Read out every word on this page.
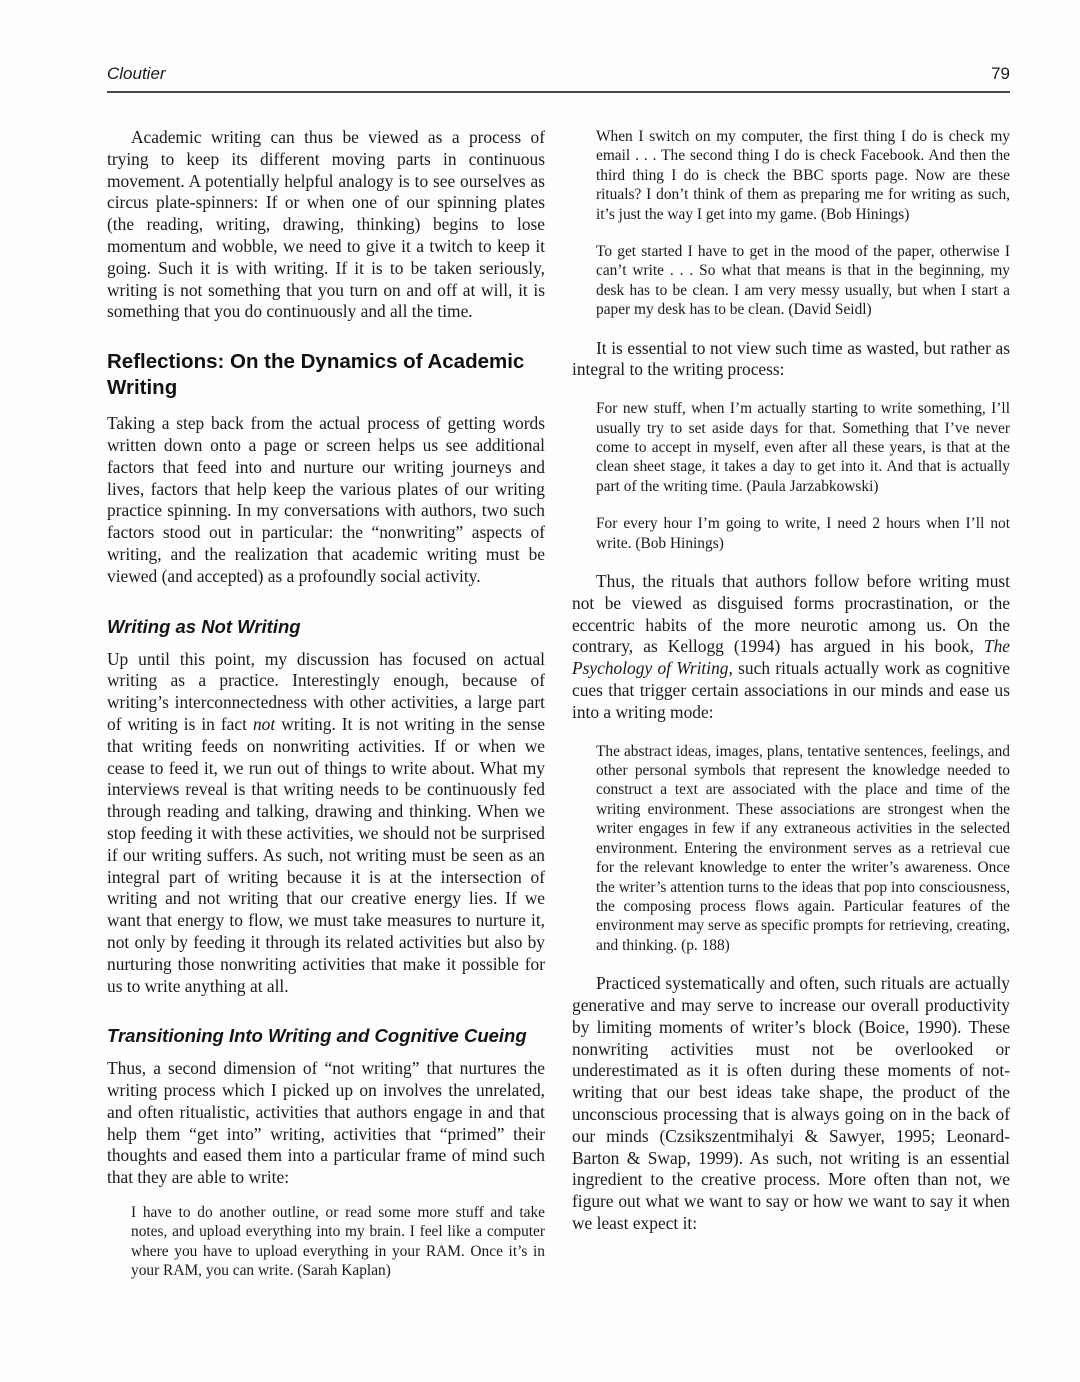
Cloutier	79

Academic writing can thus be viewed as a process of trying to keep its different moving parts in continuous movement. A potentially helpful analogy is to see ourselves as circus plate-spinners: If or when one of our spinning plates (the reading, writing, drawing, thinking) begins to lose momentum and wobble, we need to give it a twitch to keep it going. Such it is with writing. If it is to be taken seriously, writing is not something that you turn on and off at will, it is something that you do continuously and all the time.

Reflections: On the Dynamics of Academic Writing

Taking a step back from the actual process of getting words written down onto a page or screen helps us see additional factors that feed into and nurture our writing journeys and lives, factors that help keep the various plates of our writing practice spinning. In my conversations with authors, two such factors stood out in particular: the “nonwriting” aspects of writing, and the realization that academic writing must be viewed (and accepted) as a profoundly social activity.

Writing as Not Writing

Up until this point, my discussion has focused on actual writing as a practice. Interestingly enough, because of writing’s interconnectedness with other activities, a large part of writing is in fact not writing. It is not writing in the sense that writing feeds on nonwriting activities. If or when we cease to feed it, we run out of things to write about. What my interviews reveal is that writing needs to be continuously fed through reading and talking, drawing and thinking. When we stop feeding it with these activities, we should not be surprised if our writing suffers. As such, not writing must be seen as an integral part of writing because it is at the intersection of writing and not writing that our creative energy lies. If we want that energy to flow, we must take measures to nurture it, not only by feeding it through its related activities but also by nurturing those nonwriting activities that make it possible for us to write anything at all.

Transitioning Into Writing and Cognitive Cueing

Thus, a second dimension of “not writing” that nurtures the writing process which I picked up on involves the unrelated, and often ritualistic, activities that authors engage in and that help them “get into” writing, activities that “primed” their thoughts and eased them into a particular frame of mind such that they are able to write:

I have to do another outline, or read some more stuff and take notes, and upload everything into my brain. I feel like a computer where you have to upload everything in your RAM. Once it’s in your RAM, you can write. (Sarah Kaplan)

When I switch on my computer, the first thing I do is check my email . . . The second thing I do is check Facebook. And then the third thing I do is check the BBC sports page. Now are these rituals? I don’t think of them as preparing me for writing as such, it’s just the way I get into my game. (Bob Hinings)

To get started I have to get in the mood of the paper, otherwise I can’t write . . . So what that means is that in the beginning, my desk has to be clean. I am very messy usually, but when I start a paper my desk has to be clean. (David Seidl)

It is essential to not view such time as wasted, but rather as integral to the writing process:

For new stuff, when I’m actually starting to write something, I’ll usually try to set aside days for that. Something that I’ve never come to accept in myself, even after all these years, is that at the clean sheet stage, it takes a day to get into it. And that is actually part of the writing time. (Paula Jarzabkowski)

For every hour I’m going to write, I need 2 hours when I’ll not write. (Bob Hinings)

Thus, the rituals that authors follow before writing must not be viewed as disguised forms procrastination, or the eccentric habits of the more neurotic among us. On the contrary, as Kellogg (1994) has argued in his book, The Psychology of Writing, such rituals actually work as cognitive cues that trigger certain associations in our minds and ease us into a writing mode:

The abstract ideas, images, plans, tentative sentences, feelings, and other personal symbols that represent the knowledge needed to construct a text are associated with the place and time of the writing environment. These associations are strongest when the writer engages in few if any extraneous activities in the selected environment. Entering the environment serves as a retrieval cue for the relevant knowledge to enter the writer’s awareness. Once the writer’s attention turns to the ideas that pop into consciousness, the composing process flows again. Particular features of the environment may serve as specific prompts for retrieving, creating, and thinking. (p. 188)

Practiced systematically and often, such rituals are actually generative and may serve to increase our overall productivity by limiting moments of writer’s block (Boice, 1990). These nonwriting activities must not be overlooked or underestimated as it is often during these moments of not-writing that our best ideas take shape, the product of the unconscious processing that is always going on in the back of our minds (Czsikszentmihalyi & Sawyer, 1995; Leonard-Barton & Swap, 1999). As such, not writing is an essential ingredient to the creative process. More often than not, we figure out what we want to say or how we want to say it when we least expect it:
